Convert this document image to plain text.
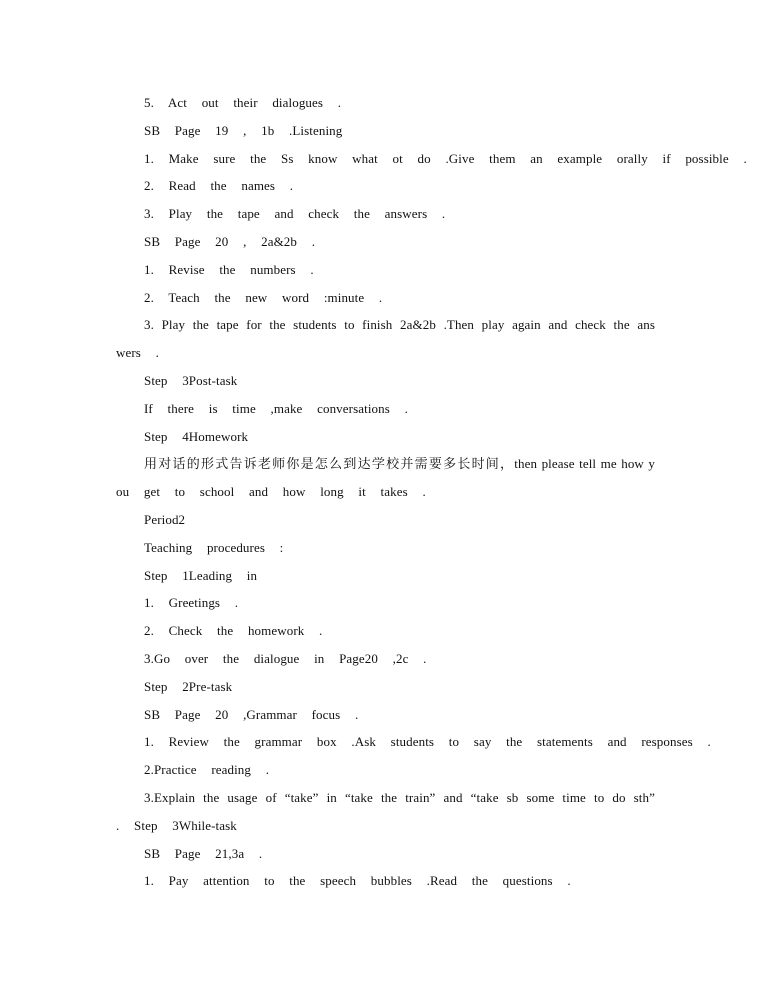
5.  Act  out  their  dialogues  .
SB  Page  19  ,  1b  .Listening
1.  Make  sure  the  Ss  know  what  ot  do  .Give  them  an  example  orally  if  possible  .
2.  Read  the  names  .
3.  Play  the  tape  and  check  the  answers  .
SB  Page  20  ,  2a&2b  .
1.  Revise  the  numbers  .
2.  Teach  the  new  word  :minute  .
3. Play the tape for the students to finish 2a&2b .Then play again and check the ans
wers  .
Step  3Post-task
If  there  is  time  ,make  conversations  .
Step  4Homework
用对话的形式告诉老师你是怎么到达学校并需要多长时间，then please tell me how y
ou  get  to  school  and  how  long  it  takes  .
Period2
Teaching  procedures  :
Step  1Leading  in
1.  Greetings  .
2.  Check  the  homework  .
3.Go  over  the  dialogue  in  Page20  ,2c  .
Step  2Pre-task
SB  Page  20  ,Grammar  focus  .
1.  Review  the  grammar  box  .Ask  students  to  say  the  statements  and  responses  .
2.Practice  reading  .
3.Explain the usage of “take” in “take the train” and “take sb some time to do sth”
.  Step  3While-task
SB  Page  21,3a  .
1.  Pay  attention  to  the  speech  bubbles  .Read  the  questions  .
